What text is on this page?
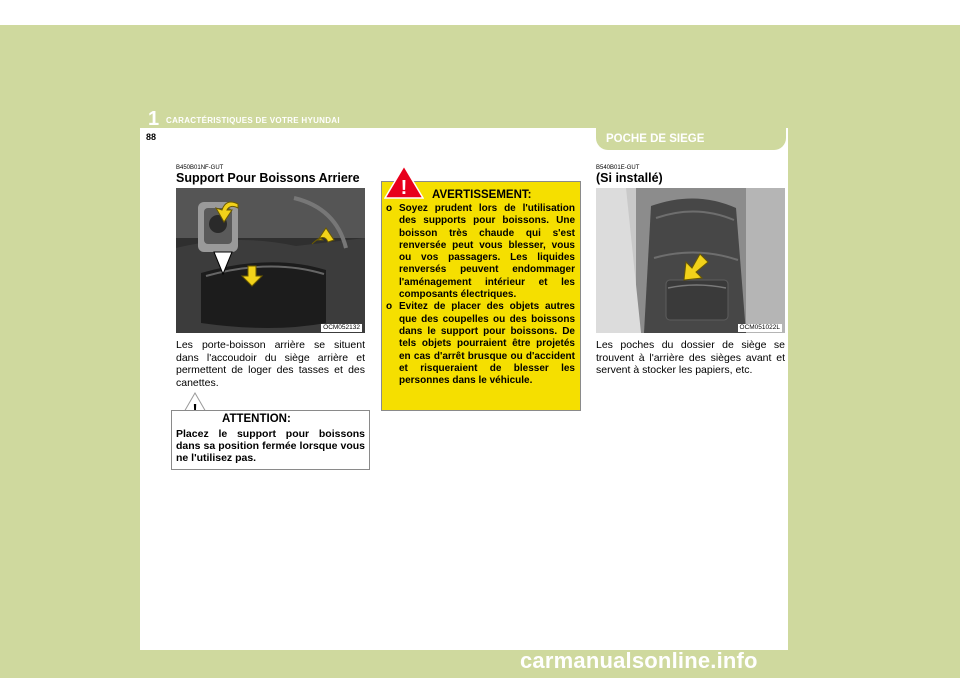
1 CARACTÉRISTIQUES DE VOTRE HYUNDAI
88	POCHE DE SIEGE
B450B01NF-GUT
Support Pour Boissons Arriere
OCM052132
Les porte-boisson arrière se situent dans l'accoudoir du siège arrière et permettent de loger des tasses et des canettes.
ATTENTION:
Placez le support pour boissons dans sa position fermée lorsque vous ne l'utilisez pas.
! AVERTISSEMENT:
o Soyez prudent lors de l'utilisation des supports pour boissons. Une boisson très chaude qui s'est renversée peut vous blesser, vous ou vos passagers. Les liquides renversés peuvent endommager l'aménagement intérieur et les composants électriques.
o Evitez de placer des objets autres que des coupelles ou des boissons dans le support pour boissons. De tels objets pourraient être projetés en cas d'arrêt brusque ou d'accident et risqueraient de blesser les personnes dans le véhicule.
B540B01E-GUT
(Si installé)
OCM051022L
Les poches du dossier de siège se trouvent à l'arrière des sièges avant et servent à stocker les papiers, etc.
carmanualsonline.info
